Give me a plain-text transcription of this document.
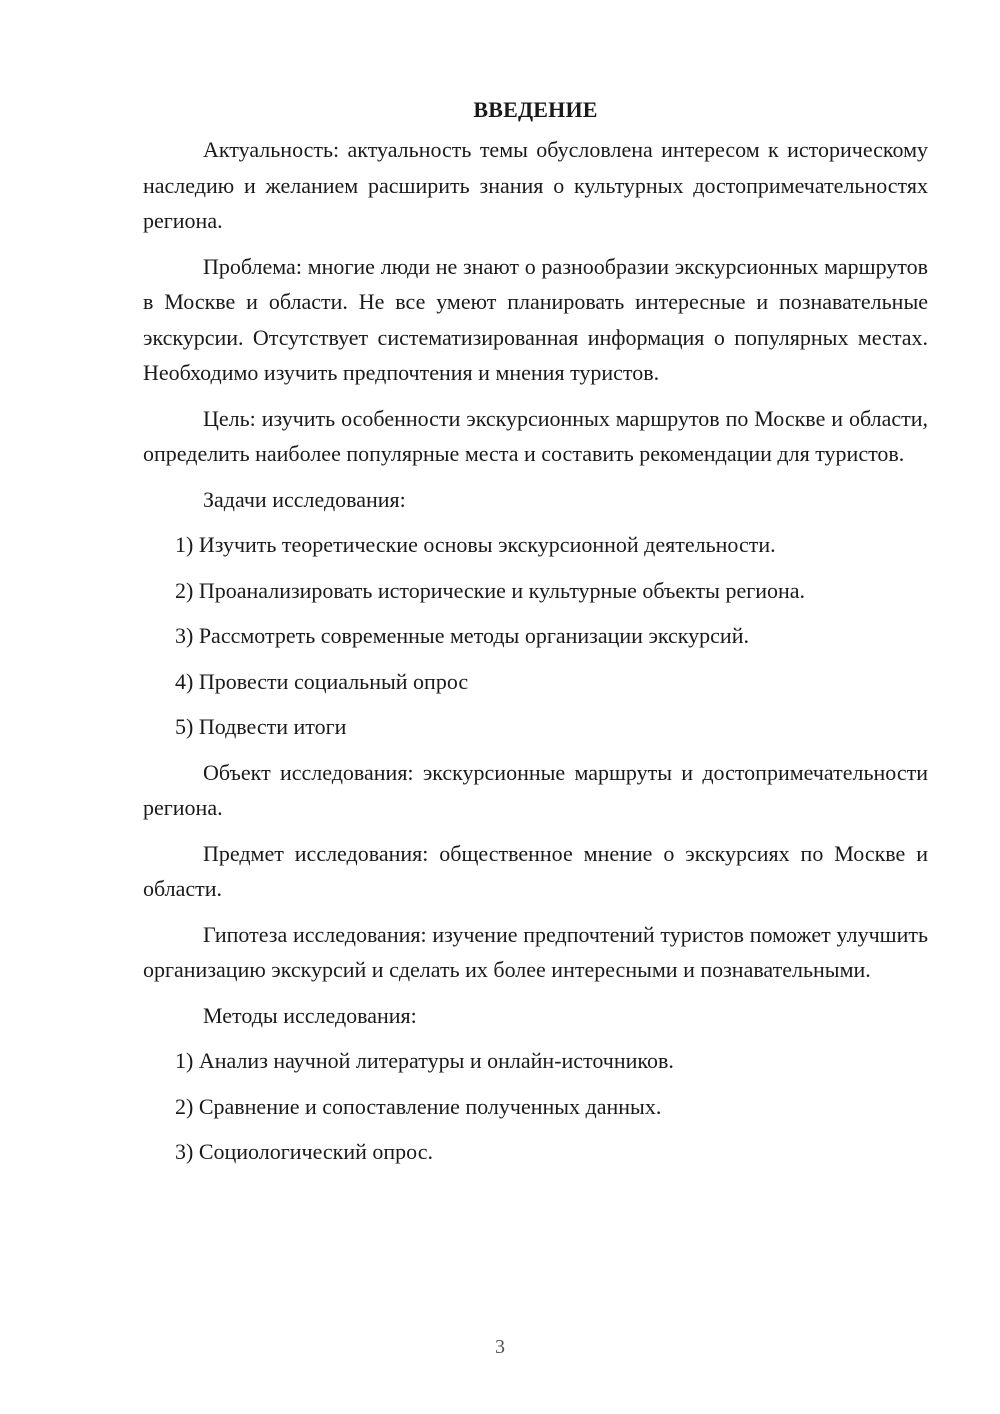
ВВЕДЕНИЕ

Актуальность: актуальность темы обусловлена интересом к историческому наследию и желанием расширить знания о культурных достопримечательностях региона.

Проблема: многие люди не знают о разнообразии экскурсионных маршрутов в Москве и области. Не все умеют планировать интересные и познавательные экскурсии. Отсутствует систематизированная информация о популярных местах. Необходимо изучить предпочтения и мнения туристов.

Цель: изучить особенности экскурсионных маршрутов по Москве и области, определить наиболее популярные места и составить рекомендации для туристов.

Задачи исследования:

1) Изучить теоретические основы экскурсионной деятельности.
2) Проанализировать исторические и культурные объекты региона.
3) Рассмотреть современные методы организации экскурсий.
4) Провести социальный опрос
5) Подвести итоги

Объект исследования: экскурсионные маршруты и достопримечательности региона.

Предмет исследования: общественное мнение о экскурсиях по Москве и области.

Гипотеза исследования: изучение предпочтений туристов поможет улучшить организацию экскурсий и сделать их более интересными и познавательными.

Методы исследования:

1) Анализ научной литературы и онлайн-источников.
2) Сравнение и сопоставление полученных данных.
3) Социологический опрос.
3
